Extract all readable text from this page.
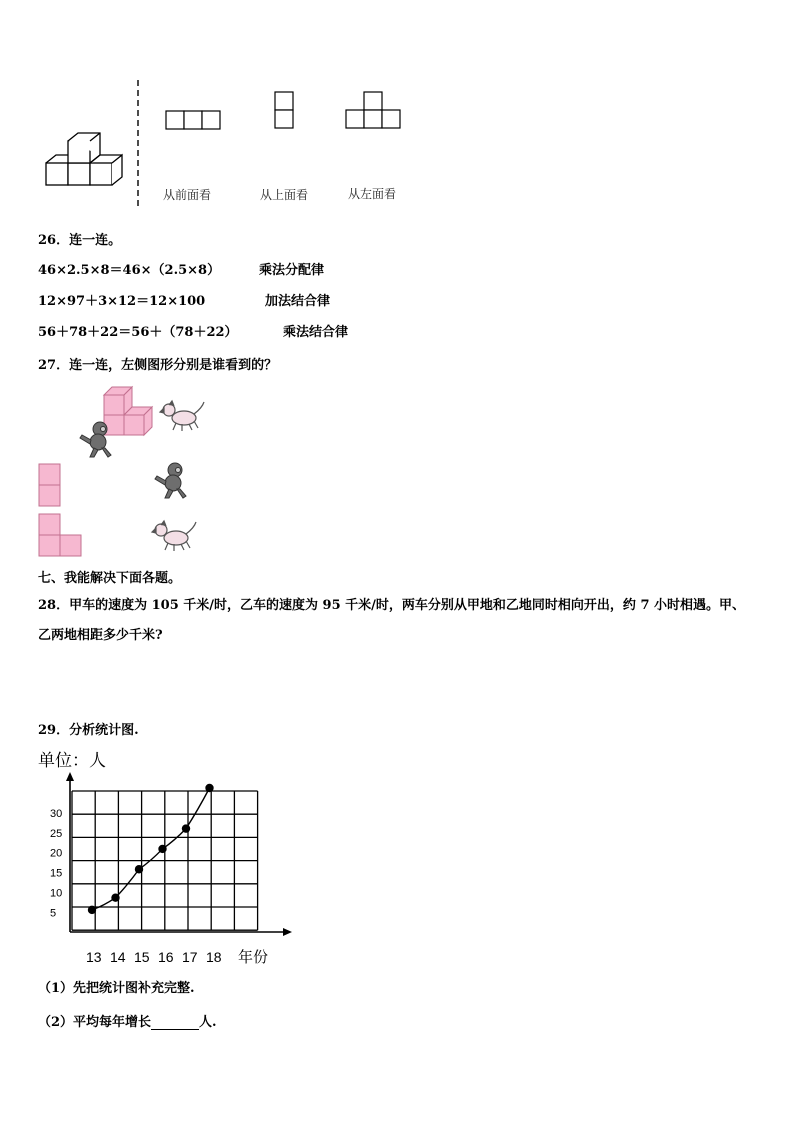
从前面看	从上面看	从左面看
26．连一连。
46×2.5×8＝46×（2.5×8）	乘法分配律
12×97＋3×12＝12×100	加法结合律
56＋78＋22＝56＋（78＋22）	乘法结合律
27．连一连，左侧图形分别是谁看到的？
七、我能解决下面各题。
28．甲车的速度为 105 千米/时，乙车的速度为 95 千米/时，两车分别从甲地和乙地同时相向开出，约 7 小时相遇。甲、
乙两地相距多少千米?
29．分析统计图.
单位：人
5
10
15
20
25
30
13 14 15 16 17 18 年份
（1）先把统计图补充完整.
（2）平均每年增长	人.
